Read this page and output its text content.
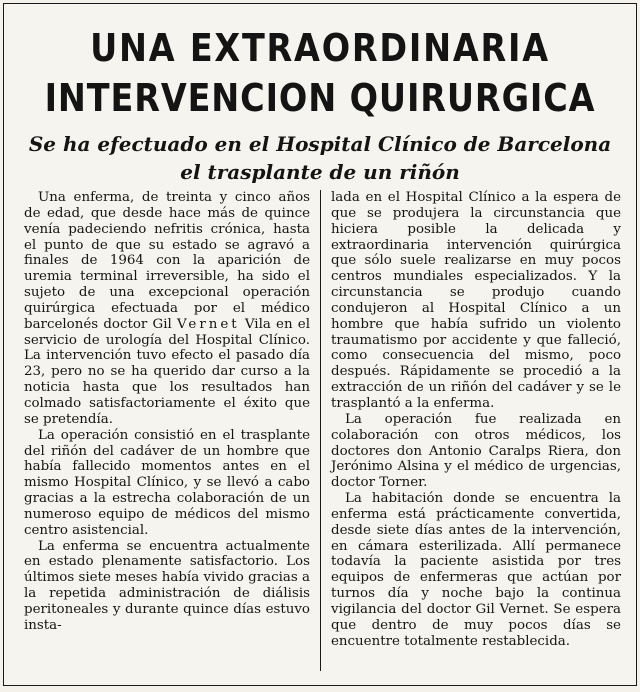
UNA EXTRAORDINARIA
INTERVENCION QUIRURGICA
Se ha efectuado en el Hospital Clínico de Barcelona
el trasplante de un riñón

Una enferma, de treinta y cinco años de edad, que desde hace más de quince venía padeciendo nefritis crónica, hasta el punto de que su estado se agravó a finales de 1964 con la aparición de uremia terminal irreversible, ha sido el sujeto de una excepcional operación quirúrgica efectuada por el médico barcelonés doctor Gil Vernet Vila en el servicio de urología del Hospital Clínico. La intervención tuvo efecto el pasado día 23, pero no se ha querido dar curso a la noticia hasta que los resultados han colmado satisfactoriamente el éxito que se pretendía.

La operación consistió en el trasplante del riñón del cadáver de un hombre que había fallecido momentos antes en el mismo Hospital Clínico, y se llevó a cabo gracias a la estrecha colaboración de un numeroso equipo de médicos del mismo centro asistencial.

La enferma se encuentra actualmente en estado plenamente satisfactorio. Los últimos siete meses había vivido gracias a la repetida administración de diálisis peritoneales y durante quince días estuvo insta-

lada en el Hospital Clínico a la espera de que se produjera la circunstancia que hiciera posible la delicada y extraordinaria intervención quirúrgica que sólo suele realizarse en muy pocos centros mundiales especializados. Y la circunstancia se produjo cuando condujeron al Hospital Clínico a un hombre que había sufrido un violento traumatismo por accidente y que falleció, como consecuencia del mismo, poco después. Rápidamente se procedió a la extracción de un riñón del cadáver y se le trasplantó a la enferma.

La operación fue realizada en colaboración con otros médicos, los doctores don Antonio Caralps Riera, don Jerónimo Alsina y el médico de urgencias, doctor Torner.

La habitación donde se encuentra la enferma está prácticamente convertida, desde siete días antes de la intervención, en cámara esterilizada. Allí permanece todavía la paciente asistida por tres equipos de enfermeras que actúan por turnos día y noche bajo la continua vigilancia del doctor Gil Vernet. Se espera que dentro de muy pocos días se encuentre totalmente restablecida.
